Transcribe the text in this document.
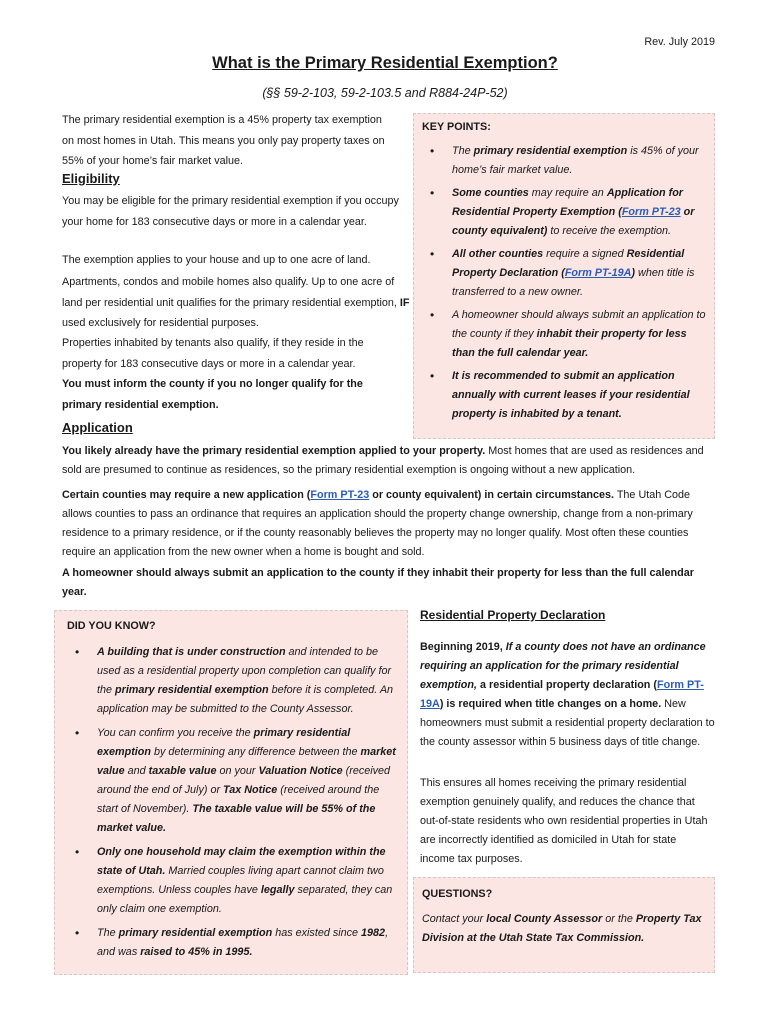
Rev. July 2019
What is the Primary Residential Exemption?
(§§ 59-2-103, 59-2-103.5 and R884-24P-52)
The primary residential exemption is a 45% property tax exemption
on most homes in Utah. This means you only pay property taxes on
55% of your home’s fair market value.
Eligibility
You may be eligible for the primary residential exemption if you occupy your home for 183 consecutive days or more in a calendar year.
The exemption applies to your house and up to one acre of land.
Apartments, condos and mobile homes also qualify. Up to one acre of land per residential unit qualifies for the primary residential exemption, IF used exclusively for residential purposes.
Properties inhabited by tenants also qualify, if they reside in the property for 183 consecutive days or more in a calendar year.
You must inform the county if you no longer qualify for the primary residential exemption.
KEY POINTS:
• The primary residential exemption is 45% of your home’s fair market value.
• Some counties may require an Application for Residential Property Exemption (Form PT-23 or county equivalent) to receive the exemption.
• All other counties require a signed Residential Property Declaration (Form PT-19A) when title is transferred to a new owner.
• A homeowner should always submit an application to the county if they inhabit their property for less than the full calendar year.
• It is recommended to submit an application annually with current leases if your residential property is inhabited by a tenant.
Application
You likely already have the primary residential exemption applied to your property. Most homes that are used as residences and sold are presumed to continue as residences, so the primary residential exemption is ongoing without a new application.
Certain counties may require a new application (Form PT-23 or county equivalent) in certain circumstances. The Utah Code allows counties to pass an ordinance that requires an application should the property change ownership, change from a non-primary residence to a primary residence, or if the county reasonably believes the property may no longer qualify. Most often these counties require an application from the new owner when a home is bought and sold.
A homeowner should always submit an application to the county if they inhabit their property for less than the full calendar year.
DID YOU KNOW?
• A building that is under construction and intended to be used as a residential property upon completion can qualify for the primary residential exemption before it is completed. An application may be submitted to the County Assessor.
• You can confirm you receive the primary residential exemption by determining any difference between the market value and taxable value on your Valuation Notice (received around the end of July) or Tax Notice (received around the start of November). The taxable value will be 55% of the market value.
• Only one household may claim the exemption within the state of Utah. Married couples living apart cannot claim two exemptions. Unless couples have legally separated, they can only claim one exemption.
• The primary residential exemption has existed since 1982, and was raised to 45% in 1995.
Residential Property Declaration
Beginning 2019, If a county does not have an ordinance requiring an application for the primary residential exemption, a residential property declaration (Form PT-19A) is required when title changes on a home. New homeowners must submit a residential property declaration to the county assessor within 5 business days of title change.
This ensures all homes receiving the primary residential exemption genuinely qualify, and reduces the chance that out-of-state residents who own residential properties in Utah are incorrectly identified as domiciled in Utah for state income tax purposes.
QUESTIONS?
Contact your local County Assessor or the Property Tax Division at the Utah State Tax Commission.
